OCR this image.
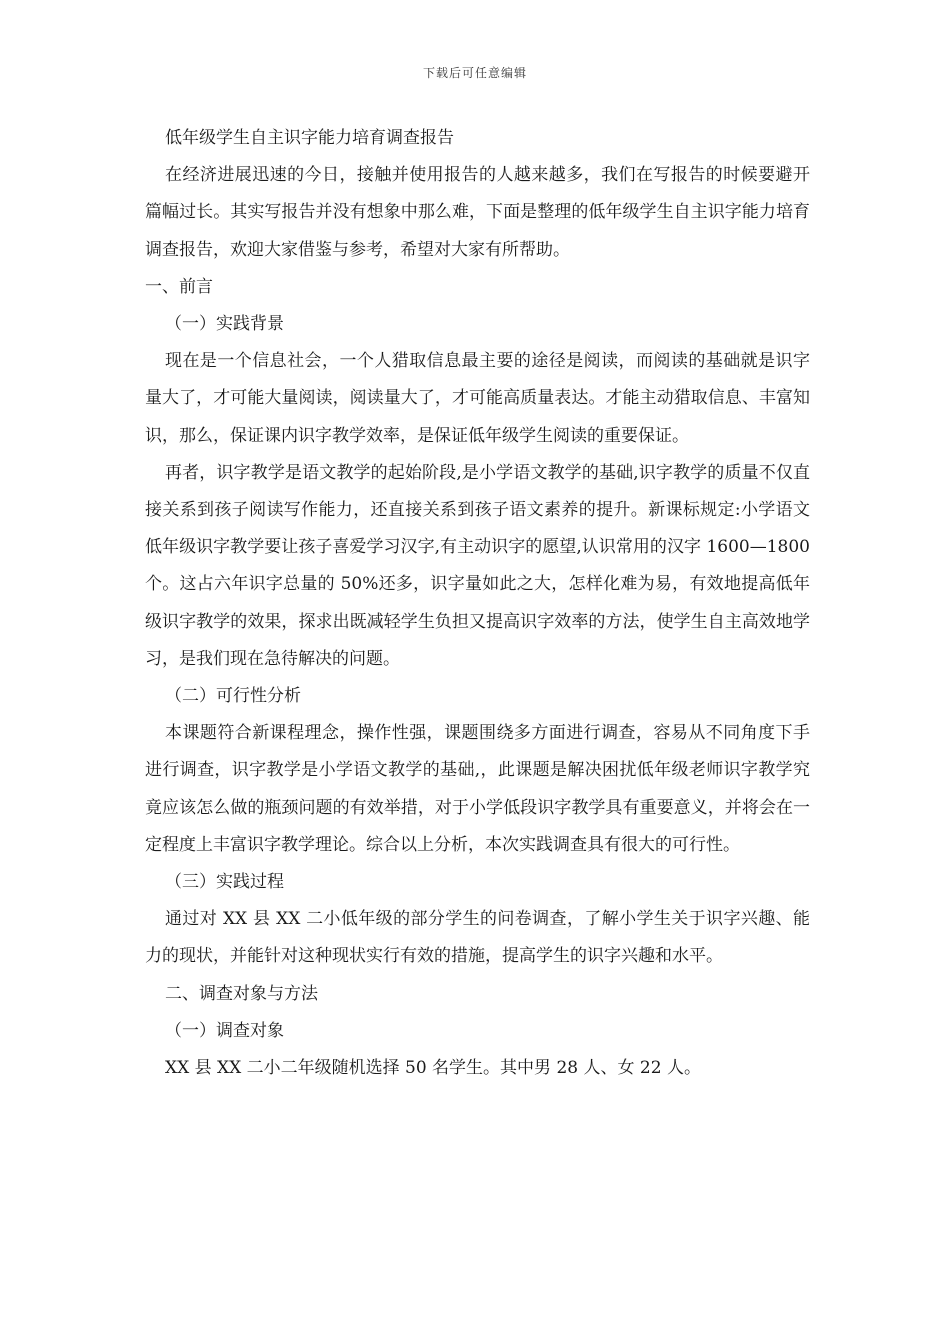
下载后可任意编辑

低年级学生自主识字能力培育调查报告

在经济进展迅速的今日，接触并使用报告的人越来越多，我们在写报告的时候要避开篇幅过长。其实写报告并没有想象中那么难，下面是整理的低年级学生自主识字能力培育调查报告，欢迎大家借鉴与参考，希望对大家有所帮助。

一、前言

（一）实践背景

现在是一个信息社会，一个人猎取信息最主要的途径是阅读，而阅读的基础就是识字量大了，才可能大量阅读，阅读量大了，才可能高质量表达。才能主动猎取信息、丰富知识，那么，保证课内识字教学效率，是保证低年级学生阅读的重要保证。

再者，识字教学是语文教学的起始阶段,是小学语文教学的基础,识字教学的质量不仅直接关系到孩子阅读写作能力，还直接关系到孩子语文素养的提升。新课标规定:小学语文低年级识字教学要让孩子喜爱学习汉字,有主动识字的愿望,认识常用的汉字 1600—1800 个。这占六年识字总量的 50%还多，识字量如此之大，怎样化难为易，有效地提高低年级识字教学的效果，探求出既减轻学生负担又提高识字效率的方法，使学生自主高效地学习，是我们现在急待解决的问题。

（二）可行性分析

本课题符合新课程理念，操作性强，课题围绕多方面进行调查，容易从不同角度下手进行调查，识字教学是小学语文教学的基础,，此课题是解决困扰低年级老师识字教学究竟应该怎么做的瓶颈问题的有效举措，对于小学低段识字教学具有重要意义，并将会在一定程度上丰富识字教学理论。综合以上分析，本次实践调查具有很大的可行性。

（三）实践过程

通过对 XX 县 XX 二小低年级的部分学生的问卷调查，了解小学生关于识字兴趣、能力的现状，并能针对这种现状实行有效的措施，提高学生的识字兴趣和水平。

二、调查对象与方法

（一）调查对象

XX 县 XX 二小二年级随机选择 50 名学生。其中男 28 人、女 22 人。
